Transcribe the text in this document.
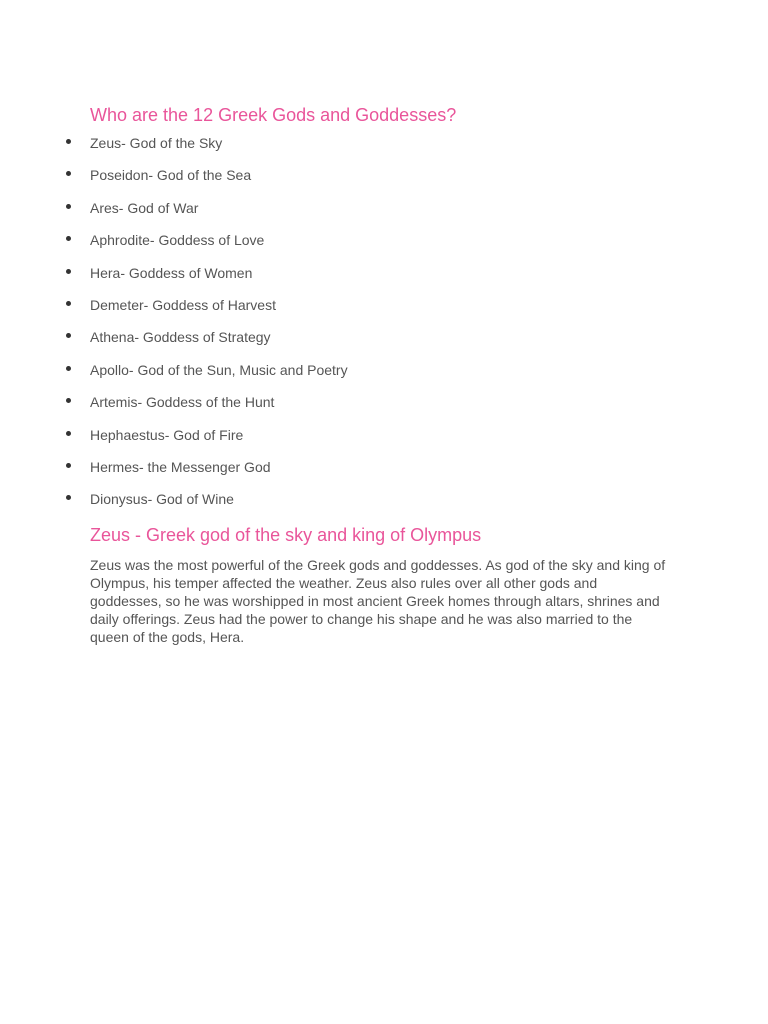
Who are the 12 Greek Gods and Goddesses?
Zeus- God of the Sky
Poseidon- God of the Sea
Ares- God of War
Aphrodite- Goddess of Love
Hera- Goddess of Women
Demeter- Goddess of Harvest
Athena- Goddess of Strategy
Apollo- God of the Sun, Music and Poetry
Artemis- Goddess of the Hunt
Hephaestus- God of Fire
Hermes- the Messenger God
Dionysus- God of Wine
Zeus - Greek god of the sky and king of Olympus

Zeus was the most powerful of the Greek gods and goddesses. As god of the sky and king of Olympus, his temper affected the weather. Zeus also rules over all other gods and goddesses, so he was worshipped in most ancient Greek homes through altars, shrines and daily offerings. Zeus had the power to change his shape and he was also married to the queen of the gods, Hera.
